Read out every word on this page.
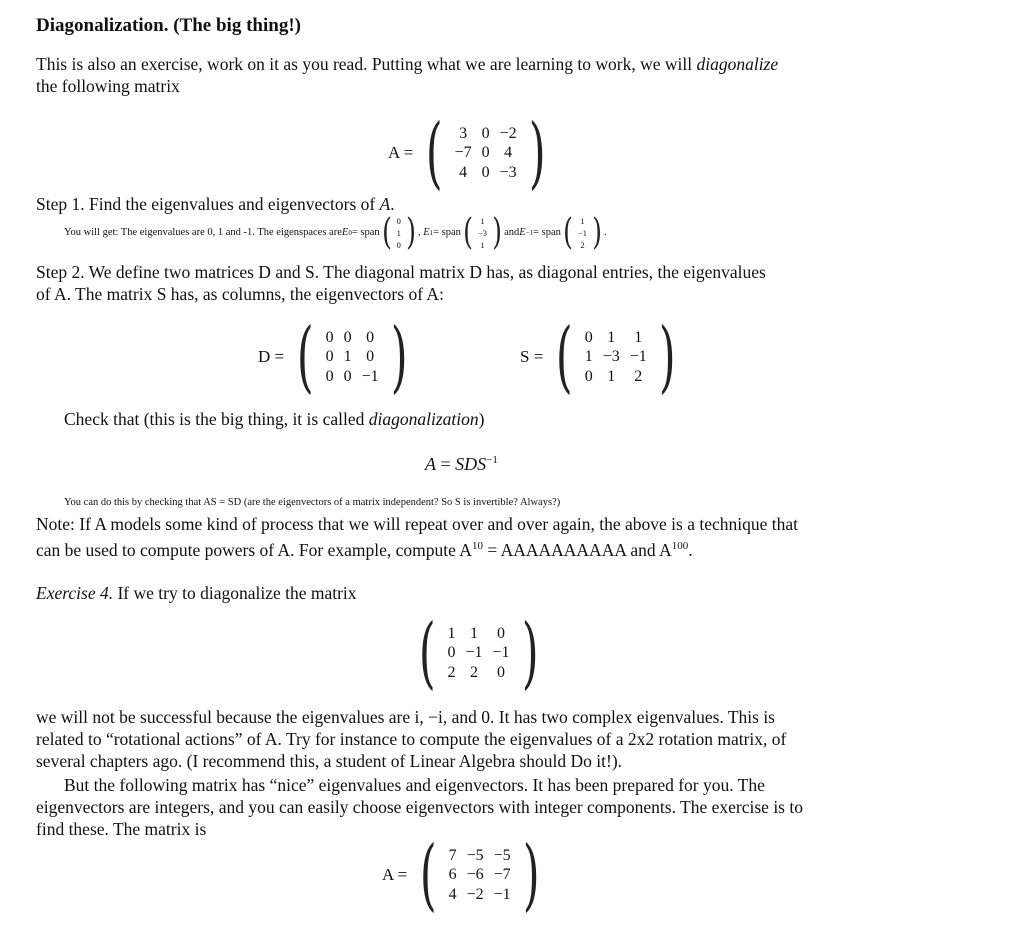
Diagonalization. (The big thing!)
This is also an exercise, work on it as you read. Putting what we are learning to work, we will diagonalize
the following matrix
A = ( 3	0	−2
−7	0	4
4	0	−3 )
Step 1. Find the eigenvalues and eigenvectors of A.
You will get: The eigenvalues are 0, 1 and -1. The eigenspaces are E 0 = span ( 0
1
0 ) ,
E 1 = span ( 1
−3
1 ) and E −1 = span ( 1
−1
2 ) .
Step 2. We define two matrices D and S. The diagonal matrix D has, as diagonal entries, the eigenvalues
of A. The matrix S has, as columns, the eigenvectors of A:
D = ( 0	0	0
0	1	0
0	0	−1 )	S = ( 0	1	1
1	−3	−1
0	1	2 )
Check that (this is the big thing, it is called diagonalization)
$A = SDS^{-1}$
You can do this by checking that AS = SD (are the eigenvectors of a matrix independent? So S is invertible? Always?)
Note: If A models some kind of process that we will repeat over and over again, the above is a technique that
can be used to compute powers of A. For example, compute $A^{10}$ = AAAAAAAAAA and $A^{100}$.
Exercise 4. If we try to diagonalize the matrix
( 1	1	0
0	−1	−1
2	2	0 )
we will not be successful because the eigenvalues are i, −i, and 0. It has two complex eigenvalues. This is
related to “rotational actions” of A. Try for instance to compute the eigenvalues of a 2x2 rotation matrix, of
several chapters ago. (I recommend this, a student of Linear Algebra should Do it!).
But the following matrix has “nice” eigenvalues and eigenvectors. It has been prepared for you. The
eigenvectors are integers, and you can easily choose eigenvectors with integer components. The exercise is to
find these. The matrix is
A = ( 7	−5	−5
6	−6	−7
4	−2	−1 )
